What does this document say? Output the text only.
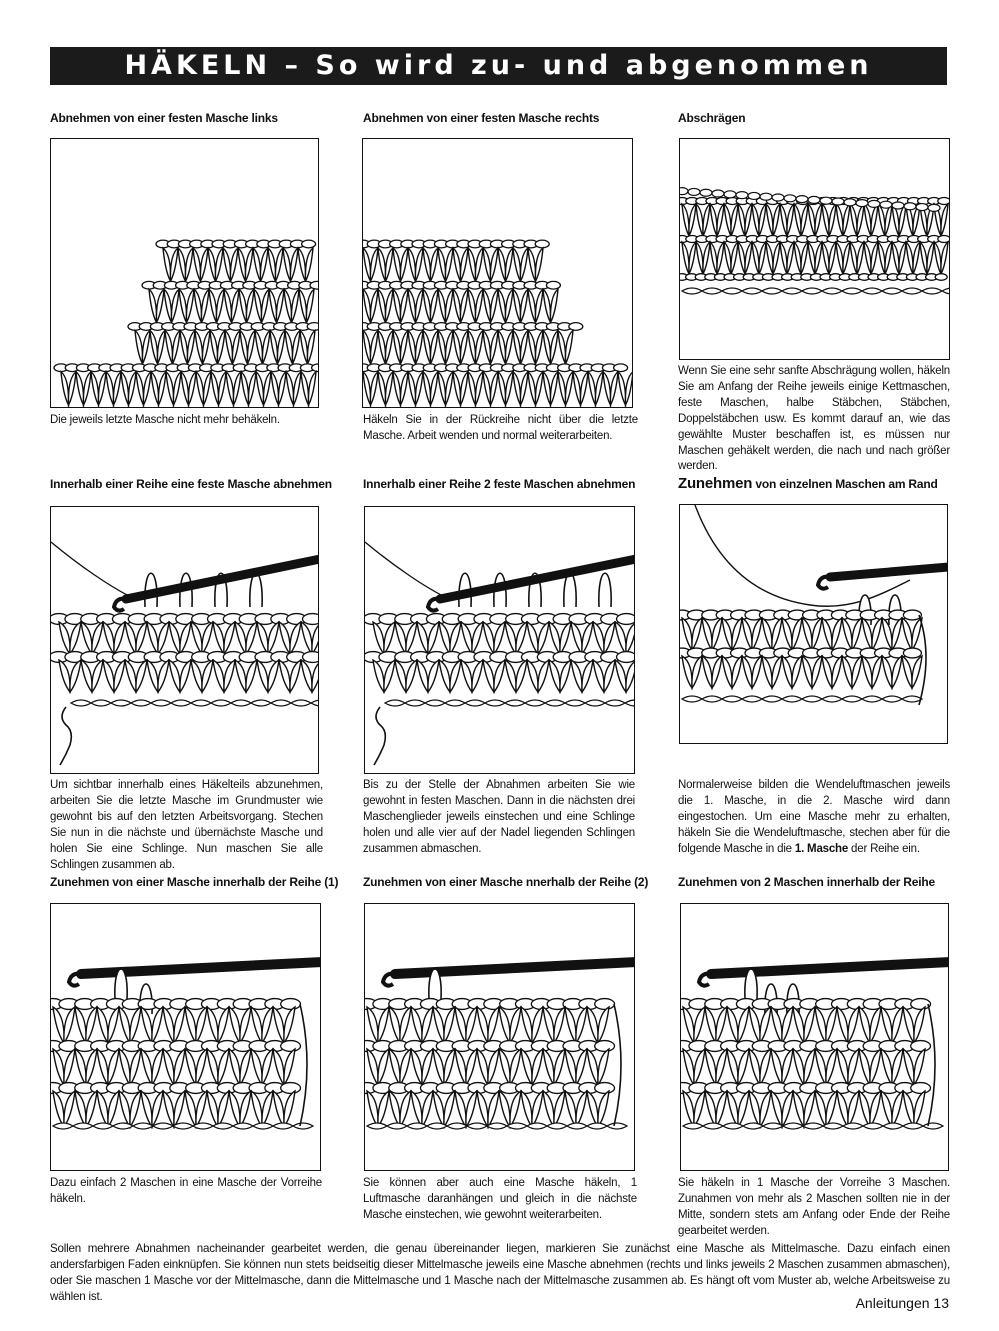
HÄKELN – So wird zu- und abgenommen
Abnehmen von einer festen Masche links
Die jeweils letzte Masche nicht mehr behäkeln.
Abnehmen von einer festen Masche rechts
Häkeln Sie in der Rückreihe nicht über die letzte Masche. Arbeit wenden und normal weiterarbeiten.
Abschrägen
Wenn Sie eine sehr sanfte Abschrägung wollen, häkeln Sie am Anfang der Reihe jeweils einige Kettmaschen, feste Maschen, halbe Stäbchen, Stäbchen, Doppelstäbchen usw. Es kommt darauf an, wie das gewählte Muster beschaffen ist, es müssen nur Maschen gehäkelt werden, die nach und nach größer werden.
Innerhalb einer Reihe eine feste Masche abnehmen
Um sichtbar innerhalb eines Häkelteils abzunehmen, arbeiten Sie die letzte Masche im Grundmuster wie gewohnt bis auf den letzten Arbeitsvorgang. Stechen Sie nun in die nächste und übernächste Masche und holen Sie eine Schlinge. Nun maschen Sie alle Schlingen zusammen ab.
Innerhalb einer Reihe 2 feste Maschen abnehmen
Bis zu der Stelle der Abnahmen arbeiten Sie wie gewohnt in festen Maschen. Dann in die nächsten drei Maschenglieder jeweils einstechen und eine Schlinge holen und alle vier auf der Nadel liegenden Schlingen zusammen abmaschen.
Zunehmen von einzelnen Maschen am Rand
Normalerweise bilden die Wendeluftmaschen jeweils die 1. Masche, in die 2. Masche wird dann eingestochen. Um eine Masche mehr zu erhalten, häkeln Sie die Wendeluftmasche, stechen aber für die folgende Masche in die 1. Masche der Reihe ein.
Zunehmen von einer Masche innerhalb der Reihe (1)
Dazu einfach 2 Maschen in eine Masche der Vorreihe häkeln.
Zunehmen von einer Masche nnerhalb der Reihe (2)
Sie können aber auch eine Masche häkeln, 1 Luftmasche daranhängen und gleich in die nächste Masche einstechen, wie gewohnt weiterarbeiten.
Zunehmen von 2 Maschen innerhalb der Reihe
Sie häkeln in 1 Masche der Vorreihe 3 Maschen. Zunahmen von mehr als 2 Maschen sollten nie in der Mitte, sondern stets am Anfang oder Ende der Reihe gearbeitet werden.
Sollen mehrere Abnahmen nacheinander gearbeitet werden, die genau übereinander liegen, markieren Sie zunächst eine Masche als Mittelmasche. Dazu einfach einen andersfarbigen Faden einknüpfen. Sie können nun stets beidseitig dieser Mittelmasche jeweils eine Masche abnehmen (rechts und links jeweils 2 Maschen zusammen abmaschen), oder Sie maschen 1 Masche vor der Mittelmasche, dann die Mittelmasche und 1 Masche nach der Mittelmasche zusammen ab. Es hängt oft vom Muster ab, welche Arbeitsweise zu wählen ist.	Anleitungen 13
